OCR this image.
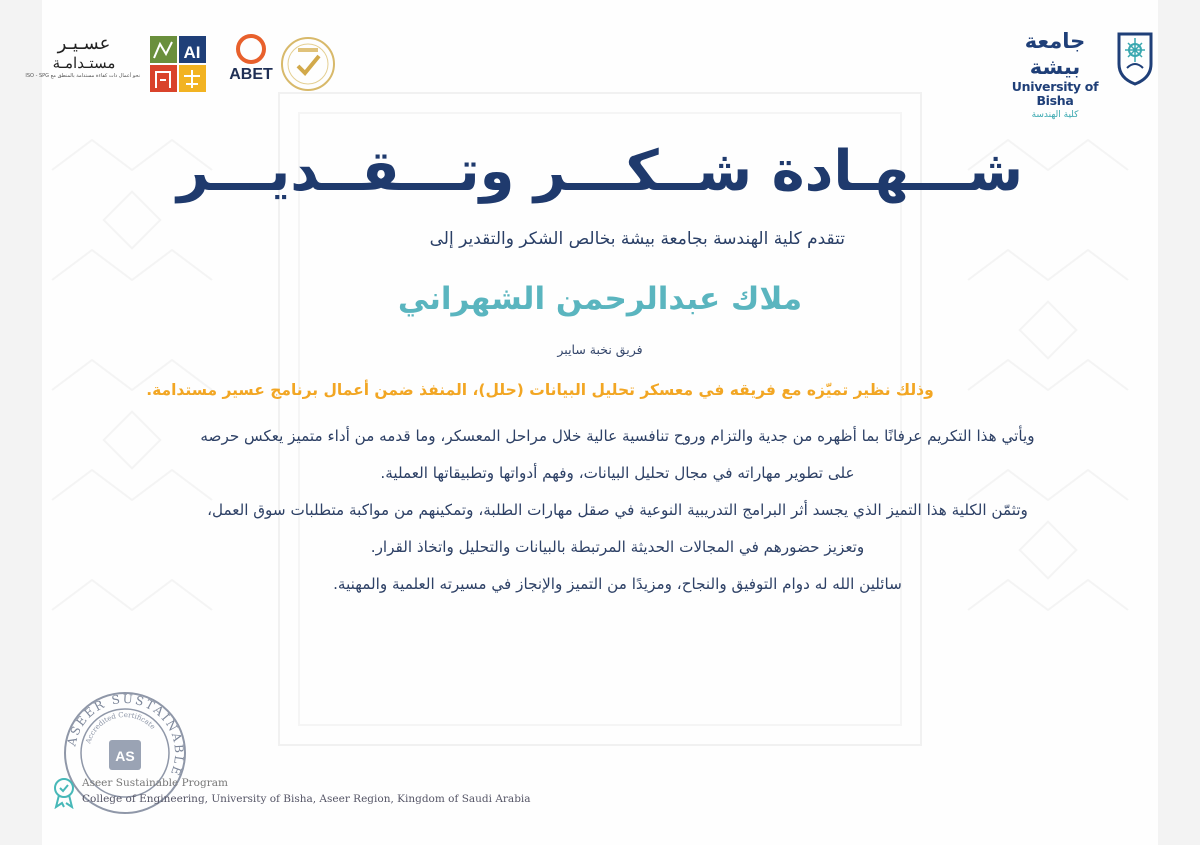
جامعة بيشة
University of Bisha
كلية الهندسة
عسـيـر
مستـدامـة
نحو أعمال ذات كفاءة مستدامة بالمنطق مع ISO - SPG
AI
ABET
شـــهـادة شــكـــر وتـــقــديـــر
تتقدم كلية الهندسة بجامعة بيشة بخالص الشكر والتقدير إلى
ملاك عبدالرحمن الشهراني
فريق نخبة سايبر
وذلك نظير تميّزه مع فريقه في معسكر تحليل البيانات (حلل)، المنفذ ضمن أعمال برنامج عسير مستدامة.

ويأتي هذا التكريم عرفانًا بما أظهره من جدية والتزام وروح تنافسية عالية خلال مراحل المعسكر، وما قدمه من أداء متميز يعكس حرصه

على تطوير مهاراته في مجال تحليل البيانات، وفهم أدواتها وتطبيقاتها العملية.

وتثمّن الكلية هذا التميز الذي يجسد أثر البرامج التدريبية النوعية في صقل مهارات الطلبة، وتمكينهم من مواكبة متطلبات سوق العمل،

وتعزيز حضورهم في المجالات الحديثة المرتبطة بالبيانات والتحليل واتخاذ القرار.

سائلين الله له دوام التوفيق والنجاح، ومزيدًا من التميز والإنجاز في مسيرته العلمية والمهنية.

ASEER SUSTAINABLE
Accredited Certificate
AS
Aseer Sustainable Program
College of Engineering, University of Bisha, Aseer Region, Kingdom of Saudi Arabia
